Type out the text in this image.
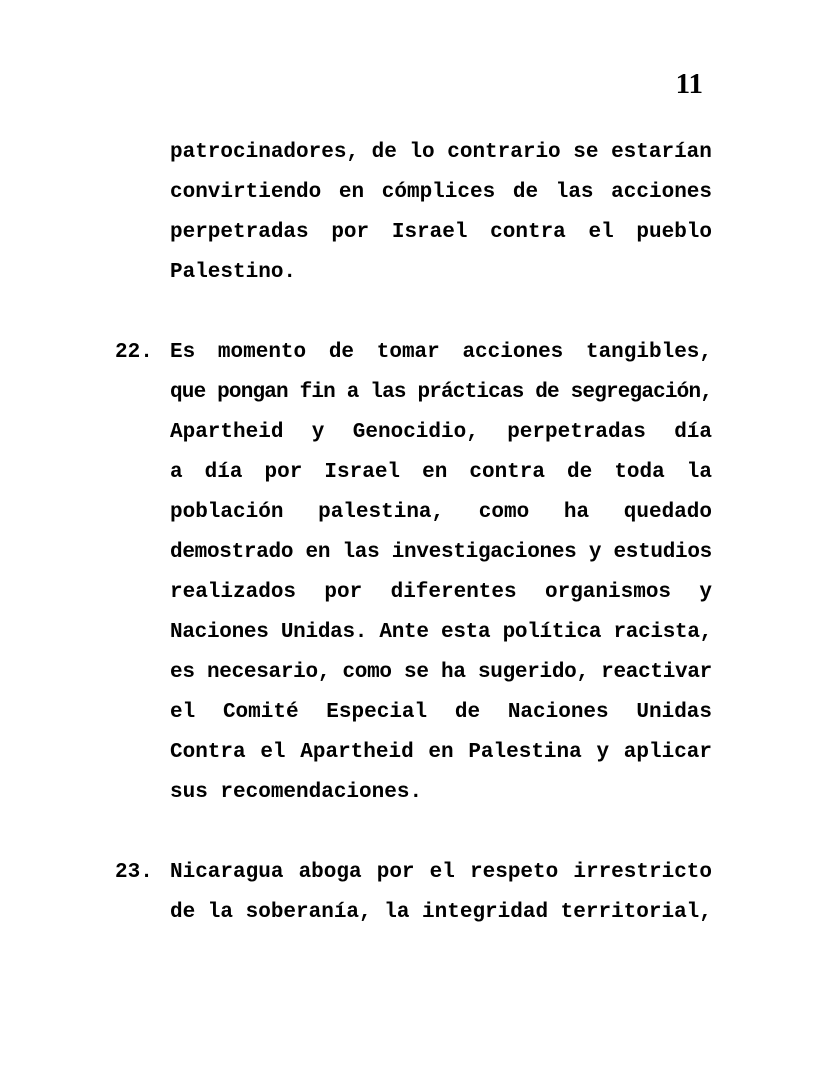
11
patrocinadores, de lo contrario se estarían
convirtiendo en cómplices de las acciones
perpetradas por Israel contra el pueblo
Palestino.
22. Es momento de tomar acciones tangibles,
que pongan fin a las prácticas de segregación,
Apartheid y Genocidio, perpetradas día
a día por Israel en contra de toda la
población palestina, como ha quedado
demostrado en las investigaciones y estudios
realizados por diferentes organismos y
Naciones Unidas. Ante esta política racista,
es necesario, como se ha sugerido, reactivar
el Comité Especial de Naciones Unidas
Contra el Apartheid en Palestina y aplicar
sus recomendaciones.
23. Nicaragua aboga por el respeto irrestricto
de la soberanía, la integridad territorial,
